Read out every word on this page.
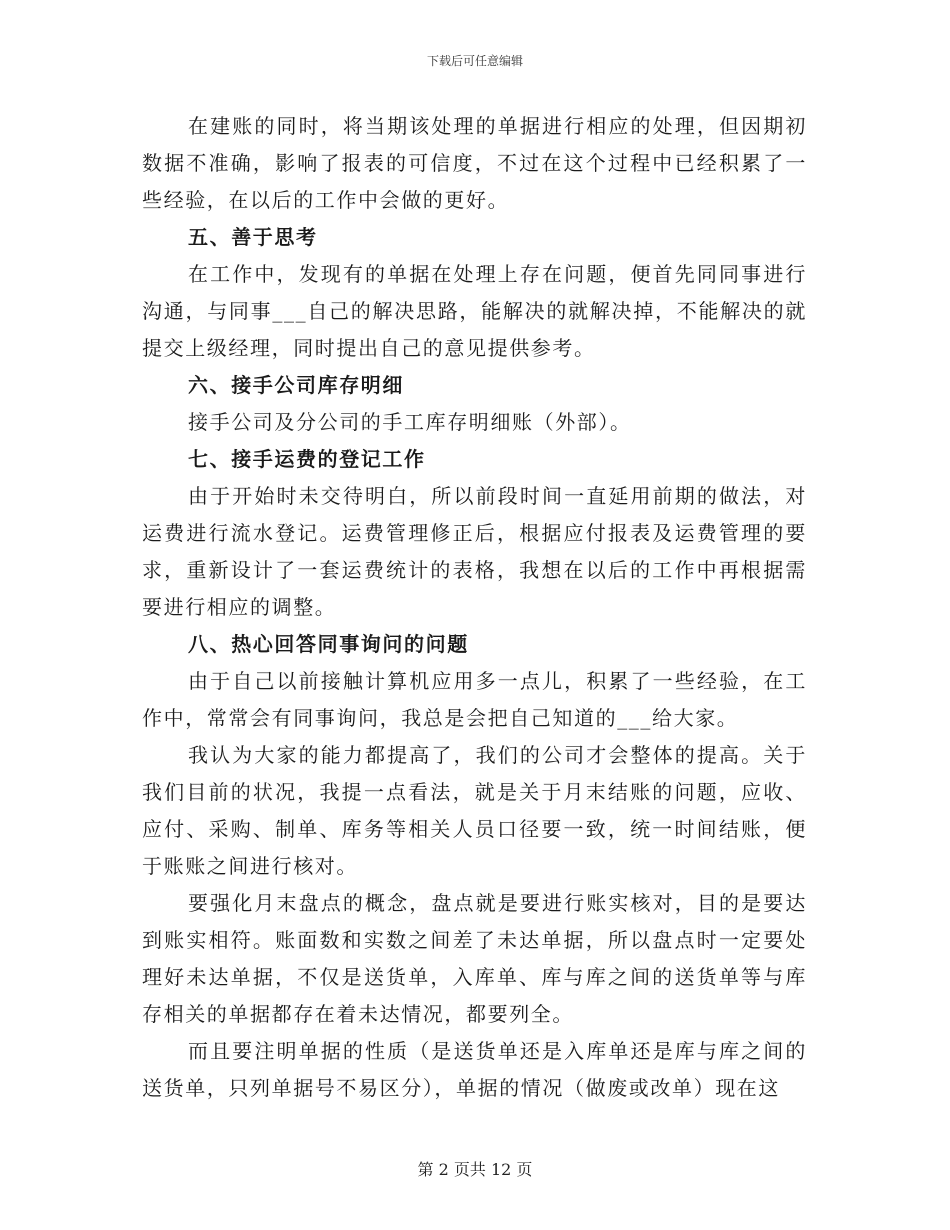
下载后可任意编辑

在建账的同时，将当期该处理的单据进行相应的处理，但因期初数据不准确，影响了报表的可信度，不过在这个过程中已经积累了一些经验，在以后的工作中会做的更好。

五、善于思考

在工作中，发现有的单据在处理上存在问题，便首先同同事进行沟通，与同事___自己的解决思路，能解决的就解决掉，不能解决的就提交上级经理，同时提出自己的意见提供参考。

六、接手公司库存明细

接手公司及分公司的手工库存明细账（外部）。

七、接手运费的登记工作

由于开始时未交待明白，所以前段时间一直延用前期的做法，对运费进行流水登记。运费管理修正后，根据应付报表及运费管理的要求，重新设计了一套运费统计的表格，我想在以后的工作中再根据需要进行相应的调整。

八、热心回答同事询问的问题

由于自己以前接触计算机应用多一点儿，积累了一些经验，在工作中，常常会有同事询问，我总是会把自己知道的___给大家。

我认为大家的能力都提高了，我们的公司才会整体的提高。关于我们目前的状况，我提一点看法，就是关于月末结账的问题，应收、应付、采购、制单、库务等相关人员口径要一致，统一时间结账，便于账账之间进行核对。

要强化月末盘点的概念，盘点就是要进行账实核对，目的是要达到账实相符。账面数和实数之间差了未达单据，所以盘点时一定要处理好未达单据，不仅是送货单，入库单、库与库之间的送货单等与库存相关的单据都存在着未达情况，都要列全。

而且要注明单据的性质（是送货单还是入库单还是库与库之间的送货单，只列单据号不易区分），单据的情况（做废或改单）现在这

第 2 页共 12 页
